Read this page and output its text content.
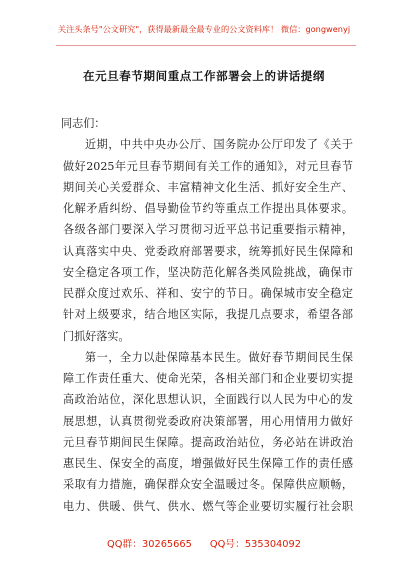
关注头条号"公文研究"，获得最新最全最专业的公文资料库！ 微信：gongwenyj
在元旦春节期间重点工作部署会上的讲话提纲
同志们：
近期，中共中央办公厅、国务院办公厅印发了《关于
做好2025年元旦春节期间有关工作的通知》，对元旦春节
期间关心关爱群众、丰富精神文化生活、抓好安全生产、
化解矛盾纠纷、倡导勤俭节约等重点工作提出具体要求。
各级各部门要深入学习贯彻习近平总书记重要指示精神，
认真落实中央、党委政府部署要求，统筹抓好民生保障和
安全稳定各项工作，坚决防范化解各类风险挑战，确保市
民群众度过欢乐、祥和、安宁的节日。确保城市安全稳定
针对上级要求，结合地区实际，我提几点要求，希望各部
门抓好落实。
第一，全力以赴保障基本民生。做好春节期间民生保
障工作责任重大、使命光荣，各相关部门和企业要切实提
高政治站位，深化思想认识，全面践行以人民为中心的发
展思想，认真贯彻党委政府决策部署，用心用情用力做好
元旦春节期间民生保障。提高政治站位，务必站在讲政治
惠民生、保安全的高度，增强做好民生保障工作的责任感
采取有力措施，确保群众安全温暖过冬。保障供应顺畅，
电力、供暖、供气、供水、燃气等企业要切实履行社会职
QQ群：30265665 QQ号：535304092
